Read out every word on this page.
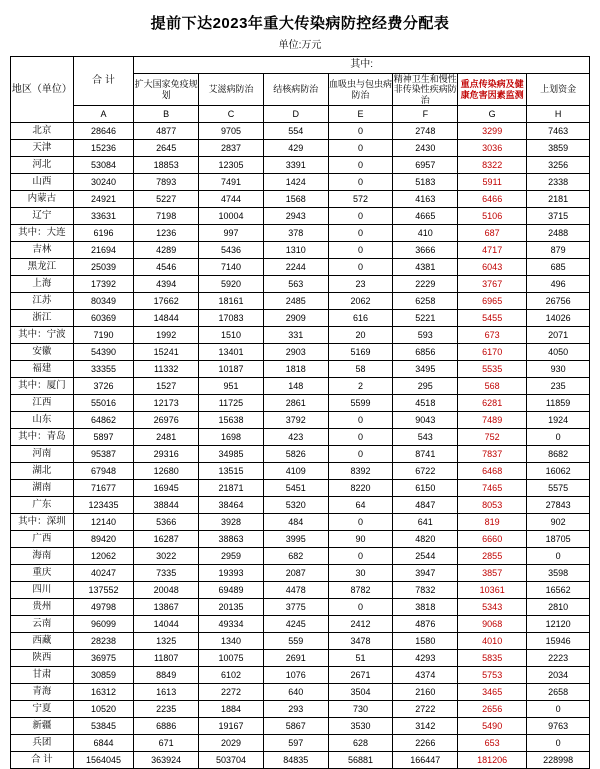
提前下达2023年重大传染病防控经费分配表
单位:万元
地区（单位）	合 计	其中:						
		扩大国家免疫规划	艾滋病防治	结核病防治	血吸虫与包虫病防治	精神卫生和慢性非传染性疾病防治	重点传染病及健康危害因素监测	上划资金
	A	B	C	D	E	F	G	H
北京	28646	4877	9705	554	0	2748	3299	7463
天津	15236	2645	2837	429	0	2430	3036	3859
河北	53084	18853	12305	3391	0	6957	8322	3256
山西	30240	7893	7491	1424	0	5183	5911	2338
内蒙古	24921	5227	4744	1568	572	4163	6466	2181
辽宁	33631	7198	10004	2943	0	4665	5106	3715
其中：大连	6196	1236	997	378	0	410	687	2488
吉林	21694	4289	5436	1310	0	3666	4717	879
黑龙江	25039	4546	7140	2244	0	4381	6043	685
上海	17392	4394	5920	563	23	2229	3767	496
江苏	80349	17662	18161	2485	2062	6258	6965	26756
浙江	60369	14844	17083	2909	616	5221	5455	14026
其中：宁波	7190	1992	1510	331	20	593	673	2071
安徽	54390	15241	13401	2903	5169	6856	6170	4050
福建	33355	11332	10187	1818	58	3495	5535	930
其中：厦门	3726	1527	951	148	2	295	568	235
江西	55016	12173	11725	2861	5599	4518	6281	11859
山东	64862	26976	15638	3792	0	9043	7489	1924
其中：青岛	5897	2481	1698	423	0	543	752	0
河南	95387	29316	34985	5826	0	8741	7837	8682
湖北	67948	12680	13515	4109	8392	6722	6468	16062
湖南	71677	16945	21871	5451	8220	6150	7465	5575
广东	123435	38844	38464	5320	64	4847	8053	27843
其中：深圳	12140	5366	3928	484	0	641	819	902
广西	89420	16287	38863	3995	90	4820	6660	18705
海南	12062	3022	2959	682	0	2544	2855	0
重庆	40247	7335	19393	2087	30	3947	3857	3598
四川	137552	20048	69489	4478	8782	7832	10361	16562
贵州	49798	13867	20135	3775	0	3818	5343	2810
云南	96099	14044	49334	4245	2412	4876	9068	12120
西藏	28238	1325	1340	559	3478	1580	4010	15946
陕西	36975	11807	10075	2691	51	4293	5835	2223
甘肃	30859	8849	6102	1076	2671	4374	5753	2034
青海	16312	1613	2272	640	3504	2160	3465	2658
宁夏	10520	2235	1884	293	730	2722	2656	0
新疆	53845	6886	19167	5867	3530	3142	5490	9763
兵团	6844	671	2029	597	628	2266	653	0
合 计	1564045	363924	503704	84835	56881	166447	181206	228998
